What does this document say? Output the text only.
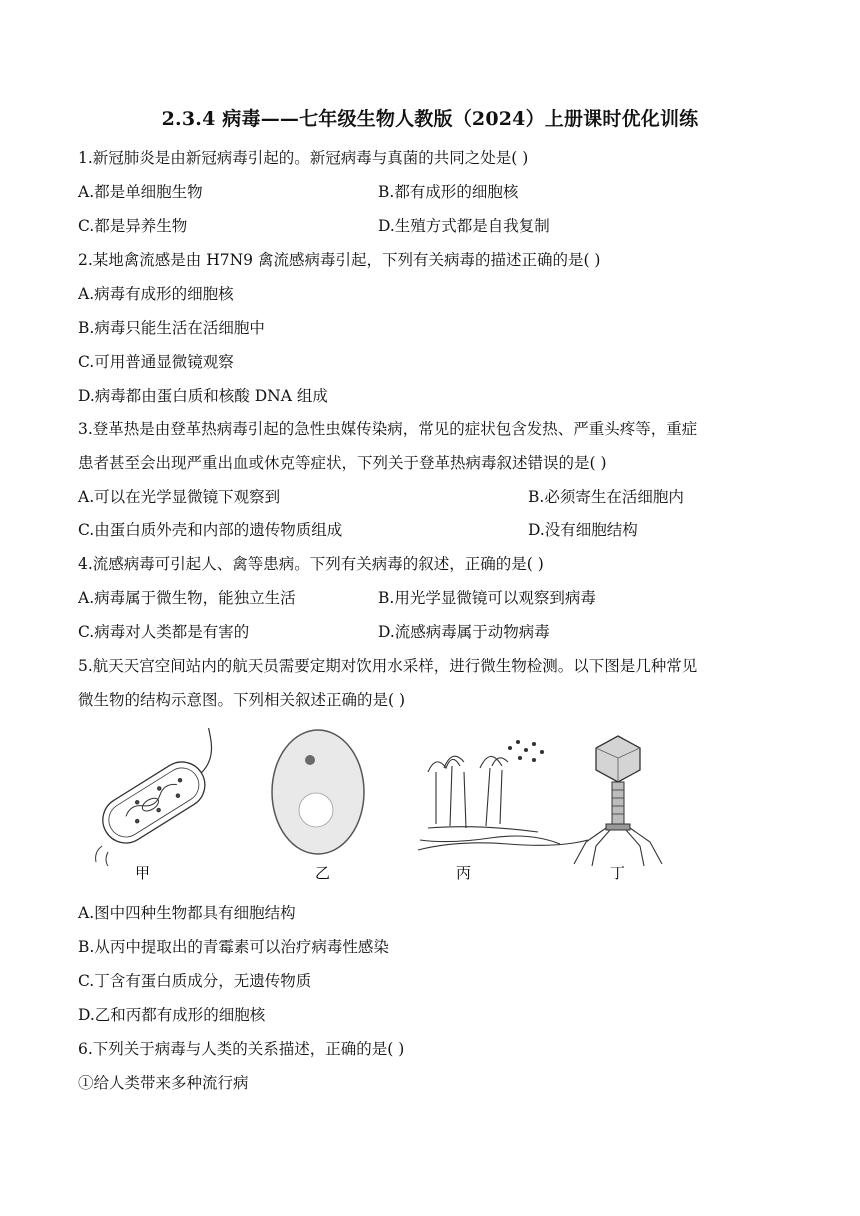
2.3.4 病毒——七年级生物人教版（2024）上册课时优化训练
1.新冠肺炎是由新冠病毒引起的。新冠病毒与真菌的共同之处是( )
A.都是单细胞生物	B.都有成形的细胞核
C.都是异养生物	D.生殖方式都是自我复制
2.某地禽流感是由 H7N9 禽流感病毒引起，下列有关病毒的描述正确的是( )
A.病毒有成形的细胞核
B.病毒只能生活在活细胞中
C.可用普通显微镜观察
D.病毒都由蛋白质和核酸 DNA 组成
3.登革热是由登革热病毒引起的急性虫媒传染病，常见的症状包含发热、严重头疼等，重症
患者甚至会出现严重出血或休克等症状，下列关于登革热病毒叙述错误的是( )
A.可以在光学显微镜下观察到	B.必须寄生在活细胞内
C.由蛋白质外壳和内部的遗传物质组成	D.没有细胞结构
4.流感病毒可引起人、禽等患病。下列有关病毒的叙述，正确的是( )
A.病毒属于微生物，能独立生活	B.用光学显微镜可以观察到病毒
C.病毒对人类都是有害的	D.流感病毒属于动物病毒
5.航天天宫空间站内的航天员需要定期对饮用水采样，进行微生物检测。以下图是几种常见
微生物的结构示意图。下列相关叙述正确的是( )
甲	乙	丙	丁
A.图中四种生物都具有细胞结构
B.从丙中提取出的青霉素可以治疗病毒性感染
C.丁含有蛋白质成分，无遗传物质
D.乙和丙都有成形的细胞核
6.下列关于病毒与人类的关系描述，正确的是( )
①给人类带来多种流行病
